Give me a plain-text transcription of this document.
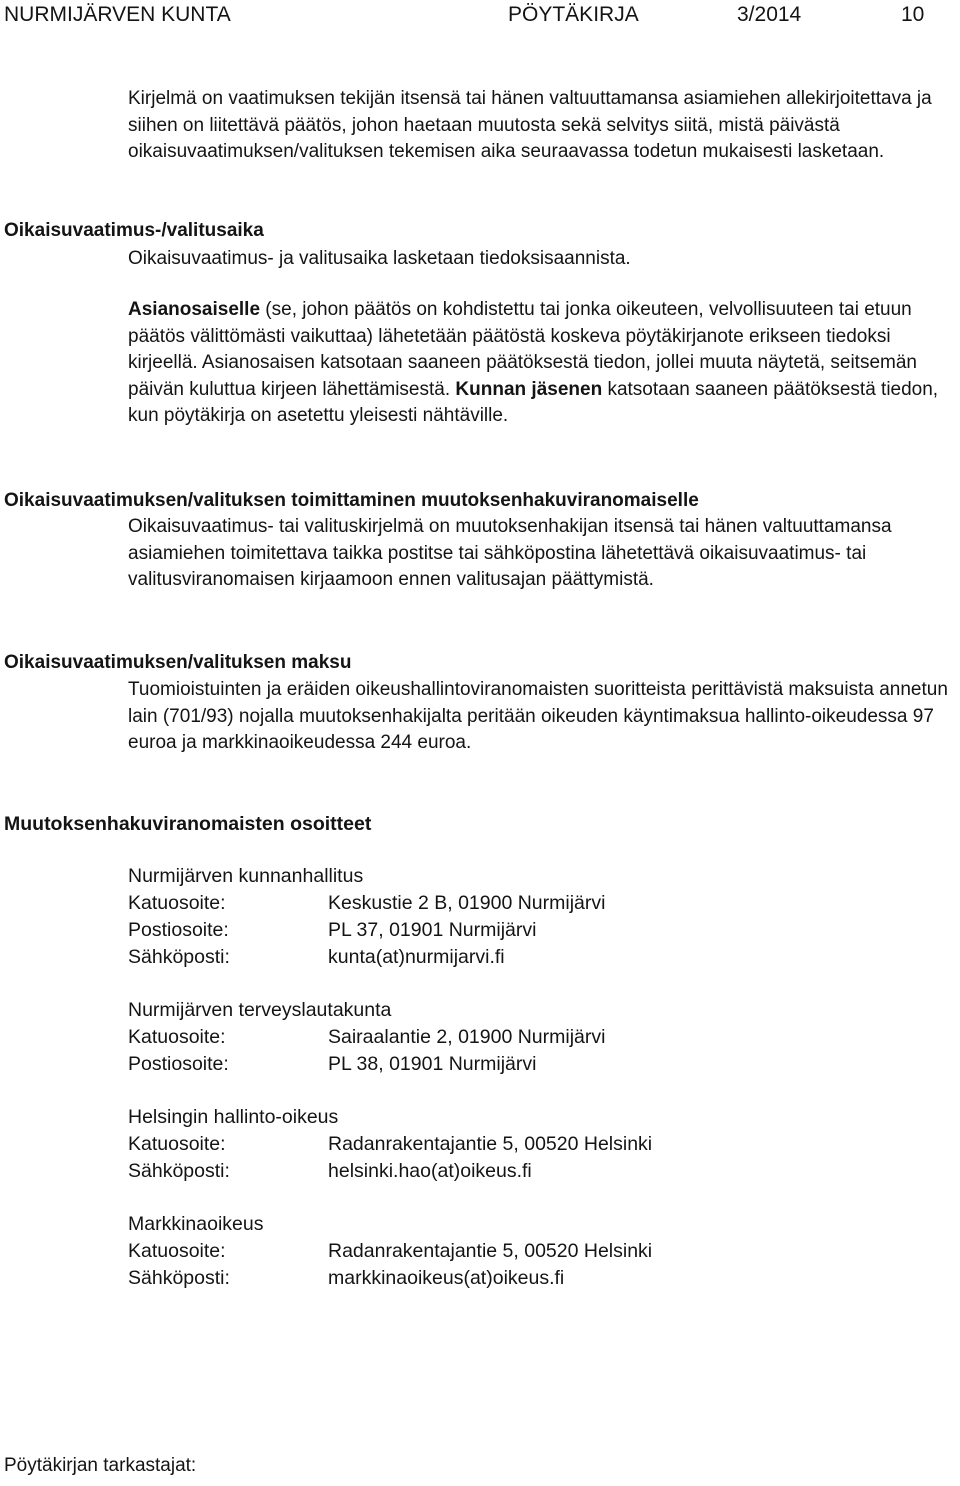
NURMIJÄRVEN KUNTA	PÖYTÄKIRJA	3/2014	10

Kirjelmä on vaatimuksen tekijän itsensä tai hänen valtuuttamansa asiamiehen allekirjoitettava ja siihen on liitettävä päätös, johon haetaan muutosta sekä selvitys siitä, mistä päivästä oikaisuvaatimuksen/valituksen tekemisen aika seuraavassa todetun mukaisesti lasketaan.

Oikaisuvaatimus-/valitusaika
Oikaisuvaatimus- ja valitusaika lasketaan tiedoksisaannista.

Asianosaiselle (se, johon päätös on kohdistettu tai jonka oikeuteen, velvollisuuteen tai etuun päätös välittömästi vaikuttaa) lähetetään päätöstä koskeva pöytäkirjanote erikseen tiedoksi kirjeellä. Asianosaisen katsotaan saaneen päätöksestä tiedon, jollei muuta näytetä, seitsemän päivän kuluttua kirjeen lähettämisestä. Kunnan jäsenen katsotaan saaneen päätöksestä tiedon, kun pöytäkirja on asetettu yleisesti nähtäville.

Oikaisuvaatimuksen/valituksen toimittaminen muutoksenhakuviranomaiselle

Oikaisuvaatimus- tai valituskirjelmä on muutoksenhakijan itsensä tai hänen valtuuttamansa asiamiehen toimitettava taikka postitse tai sähköpostina lähetettävä oikaisuvaatimus- tai valitusviranomaisen kirjaamoon ennen valitusajan päättymistä.

Oikaisuvaatimuksen/valituksen maksu

Tuomioistuinten ja eräiden oikeushallintoviranomaisten suoritteista perittävistä maksuista annetun lain (701/93) nojalla muutoksenhakijalta peritään oikeuden käyntimaksua hallinto-oikeudessa 97 euroa ja markkinaoikeudessa 244 euroa.

Muutoksenhakuviranomaisten osoitteet
Nurmijärven kunnanhallitus
Katuosoite:	Keskustie 2 B, 01900 Nurmijärvi
Postiosoite:	PL 37, 01901 Nurmijärvi
Sähköposti:	kunta(at)nurmijarvi.fi
Nurmijärven terveyslautakunta
Katuosoite:	Sairaalantie 2, 01900 Nurmijärvi
Postiosoite:	PL 38, 01901 Nurmijärvi
Helsingin hallinto-oikeus
Katuosoite:	Radanrakentajantie 5, 00520 Helsinki
Sähköposti:	helsinki.hao(at)oikeus.fi
Markkinaoikeus
Katuosoite:	Radanrakentajantie 5, 00520 Helsinki
Sähköposti:	markkinaoikeus(at)oikeus.fi
Pöytäkirjan tarkastajat:
